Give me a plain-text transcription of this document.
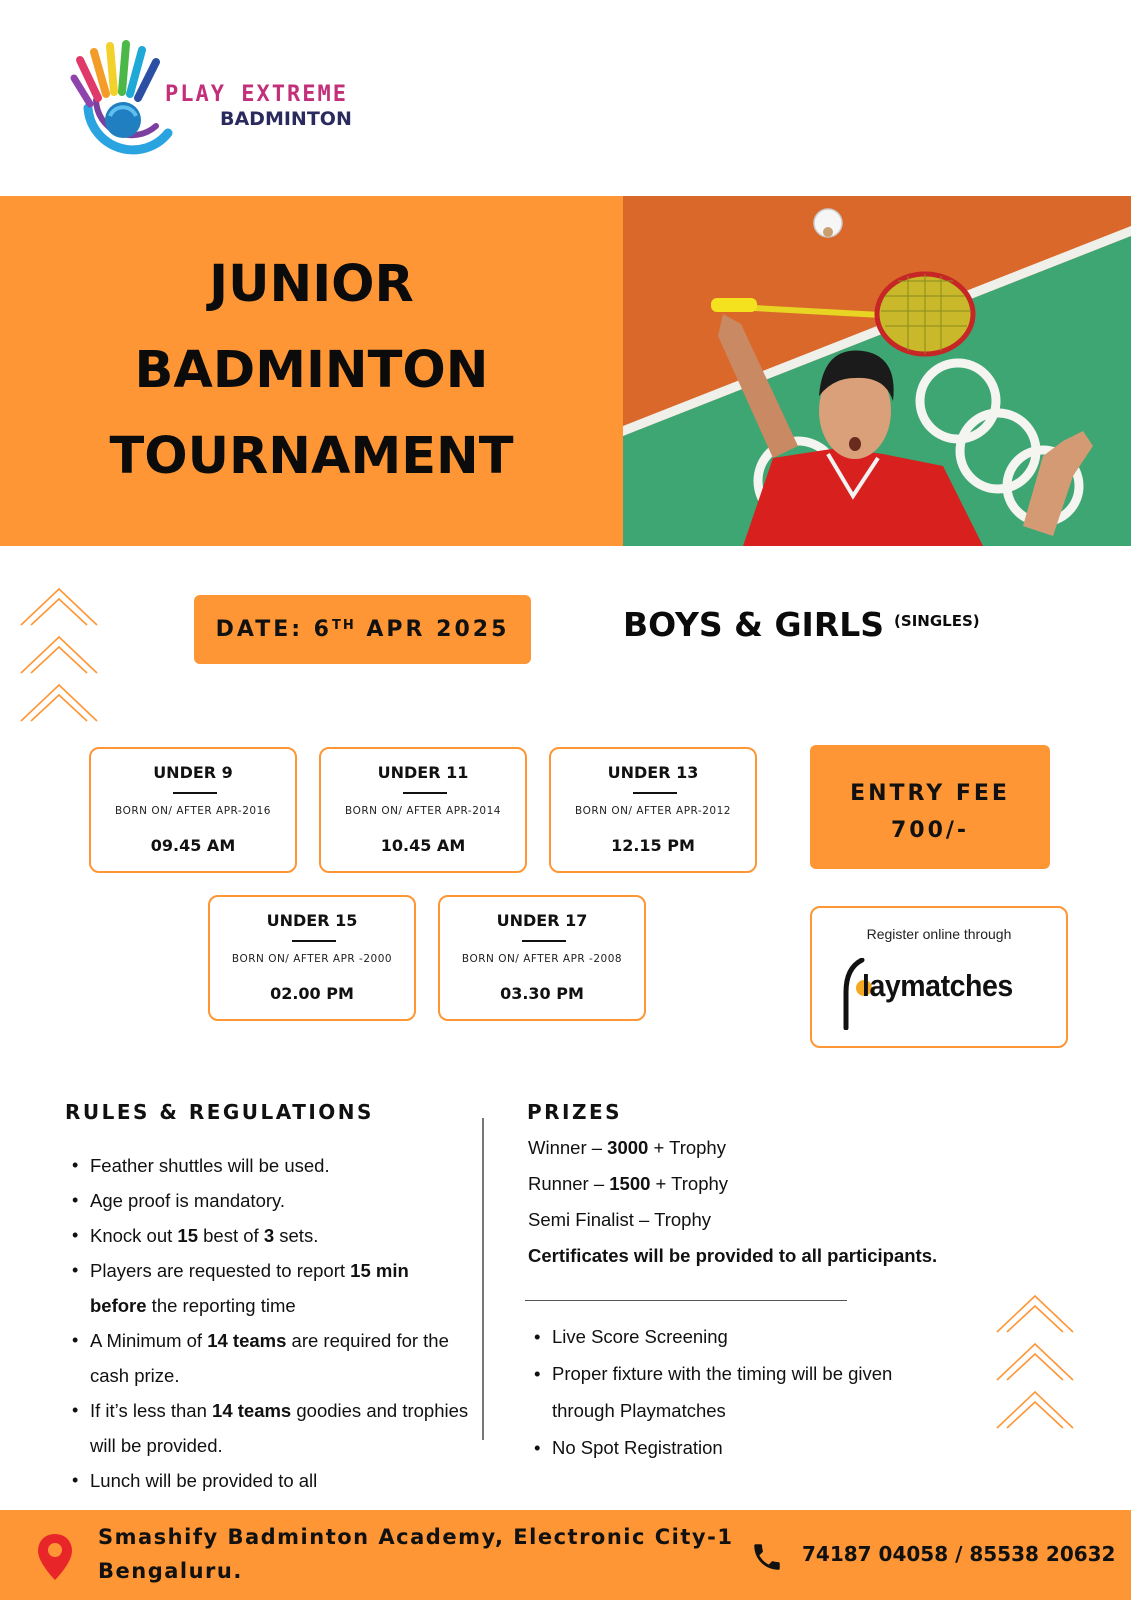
PLAY EXTREME
BADMINTON
JUNIOR
BADMINTON
TOURNAMENT
DATE: 6TH APR 2025	BOYS & GIRLS $^{(SINGLES)}$
UNDER 9
BORN ON/ AFTER APR-2016
09.45 AM
UNDER 11
BORN ON/ AFTER APR-2014
10.45 AM
UNDER 13
BORN ON/ AFTER APR-2012
12.15 PM
UNDER 15
BORN ON/ AFTER APR -2000
02.00 PM
UNDER 17
BORN ON/ AFTER APR -2008
03.30 PM
ENTRY FEE
700/-
Register online through
laymatches
RULES & REGULATIONS
• Feather shuttles will be used.
• Age proof is mandatory.
• Knock out 15 best of 3 sets.
• Players are requested to report 15 min before the reporting time
• A Minimum of 14 teams are required for the cash prize.
• If it’s less than 14 teams goodies and trophies will be provided.
• Lunch will be provided to all
PRIZES
Winner – 3000 + Trophy
Runner – 1500 + Trophy
Semi Finalist – Trophy
Certificates will be provided to all participants.
• Live Score Screening
• Proper fixture with the timing will be given through Playmatches
• No Spot Registration
Smashify Badminton Academy, Electronic City-1
Bengaluru.
74187 04058 / 85538 20632
